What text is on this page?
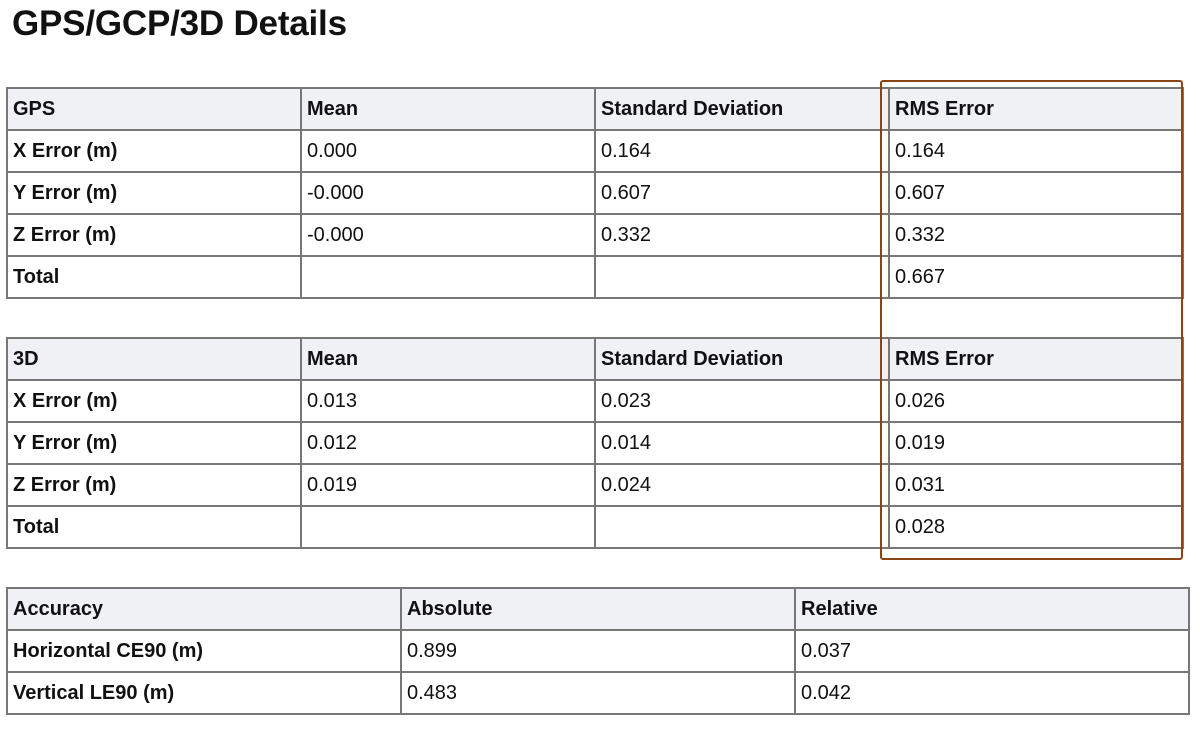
GPS/GCP/3D Details
GPS	Mean	Standard Deviation	RMS Error
X Error (m)	0.000	0.164	0.164
Y Error (m)	-0.000	0.607	0.607
Z Error (m)	-0.000	0.332	0.332
Total			0.667
3D	Mean	Standard Deviation	RMS Error
X Error (m)	0.013	0.023	0.026
Y Error (m)	0.012	0.014	0.019
Z Error (m)	0.019	0.024	0.031
Total			0.028
Accuracy	Absolute	Relative
Horizontal CE90 (m)	0.899	0.037
Vertical LE90 (m)	0.483	0.042
